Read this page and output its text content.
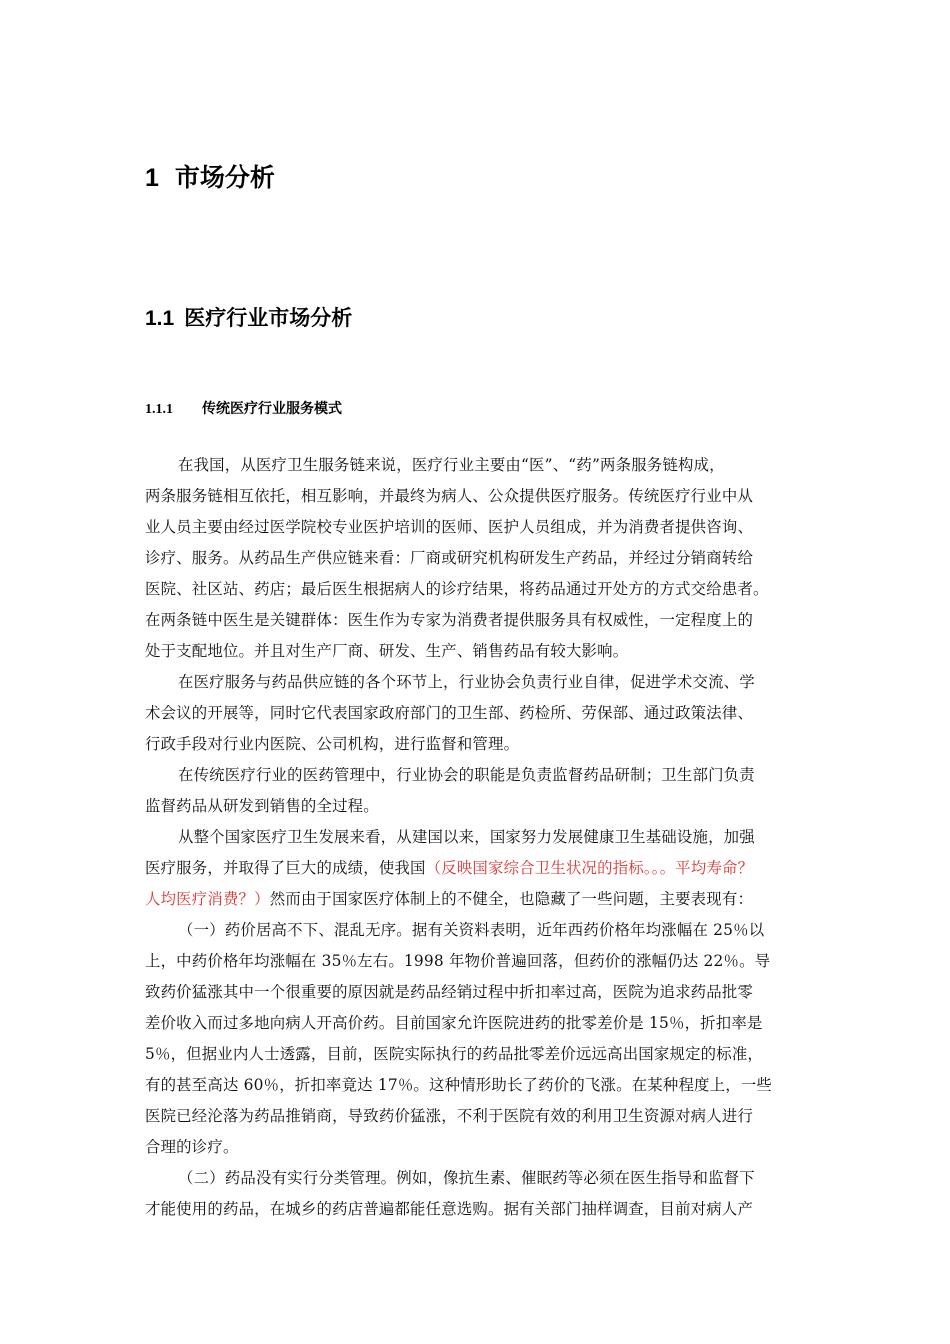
1 市场分析
1.1 医疗行业市场分析
1.1.1 传统医疗行业服务模式
在我国，从医疗卫生服务链来说，医疗行业主要由“医”、“药”两条服务链构成，
两条服务链相互依托，相互影响，并最终为病人、公众提供医疗服务。传统医疗行业中从
业人员主要由经过医学院校专业医护培训的医师、医护人员组成，并为消费者提供咨询、
诊疗、服务。从药品生产供应链来看：厂商或研究机构研发生产药品，并经过分销商转给
医院、社区站、药店；最后医生根据病人的诊疗结果，将药品通过开处方的方式交给患者。
在两条链中医生是关键群体：医生作为专家为消费者提供服务具有权威性，一定程度上的
处于支配地位。并且对生产厂商、研发、生产、销售药品有较大影响。
在医疗服务与药品供应链的各个环节上，行业协会负责行业自律，促进学术交流、学
术会议的开展等，同时它代表国家政府部门的卫生部、药检所、劳保部、通过政策法律、
行政手段对行业内医院、公司机构，进行监督和管理。
在传统医疗行业的医药管理中，行业协会的职能是负责监督药品研制；卫生部门负责
监督药品从研发到销售的全过程。
从整个国家医疗卫生发展来看，从建国以来，国家努力发展健康卫生基础设施，加强
医疗服务，并取得了巨大的成绩，使我国（反映国家综合卫生状况的指标。。。平均寿命？
人均医疗消费？）然而由于国家医疗体制上的不健全，也隐藏了一些问题，主要表现有：
（一）药价居高不下、混乱无序。据有关资料表明，近年西药价格年均涨幅在 25％以
上，中药价格年均涨幅在 35％左右。1998 年物价普遍回落，但药价的涨幅仍达 22％。导
致药价猛涨其中一个很重要的原因就是药品经销过程中折扣率过高，医院为追求药品批零
差价收入而过多地向病人开高价药。目前国家允许医院进药的批零差价是 15％，折扣率是
5％，但据业内人士透露，目前，医院实际执行的药品批零差价远远高出国家规定的标准，
有的甚至高达 60％，折扣率竟达 17％。这种情形助长了药价的飞涨。在某种程度上，一些
医院已经沦落为药品推销商，导致药价猛涨，不利于医院有效的利用卫生资源对病人进行
合理的诊疗。
（二）药品没有实行分类管理。例如，像抗生素、催眠药等必须在医生指导和监督下
才能使用的药品，在城乡的药店普遍都能任意选购。据有关部门抽样调查，目前对病人产
